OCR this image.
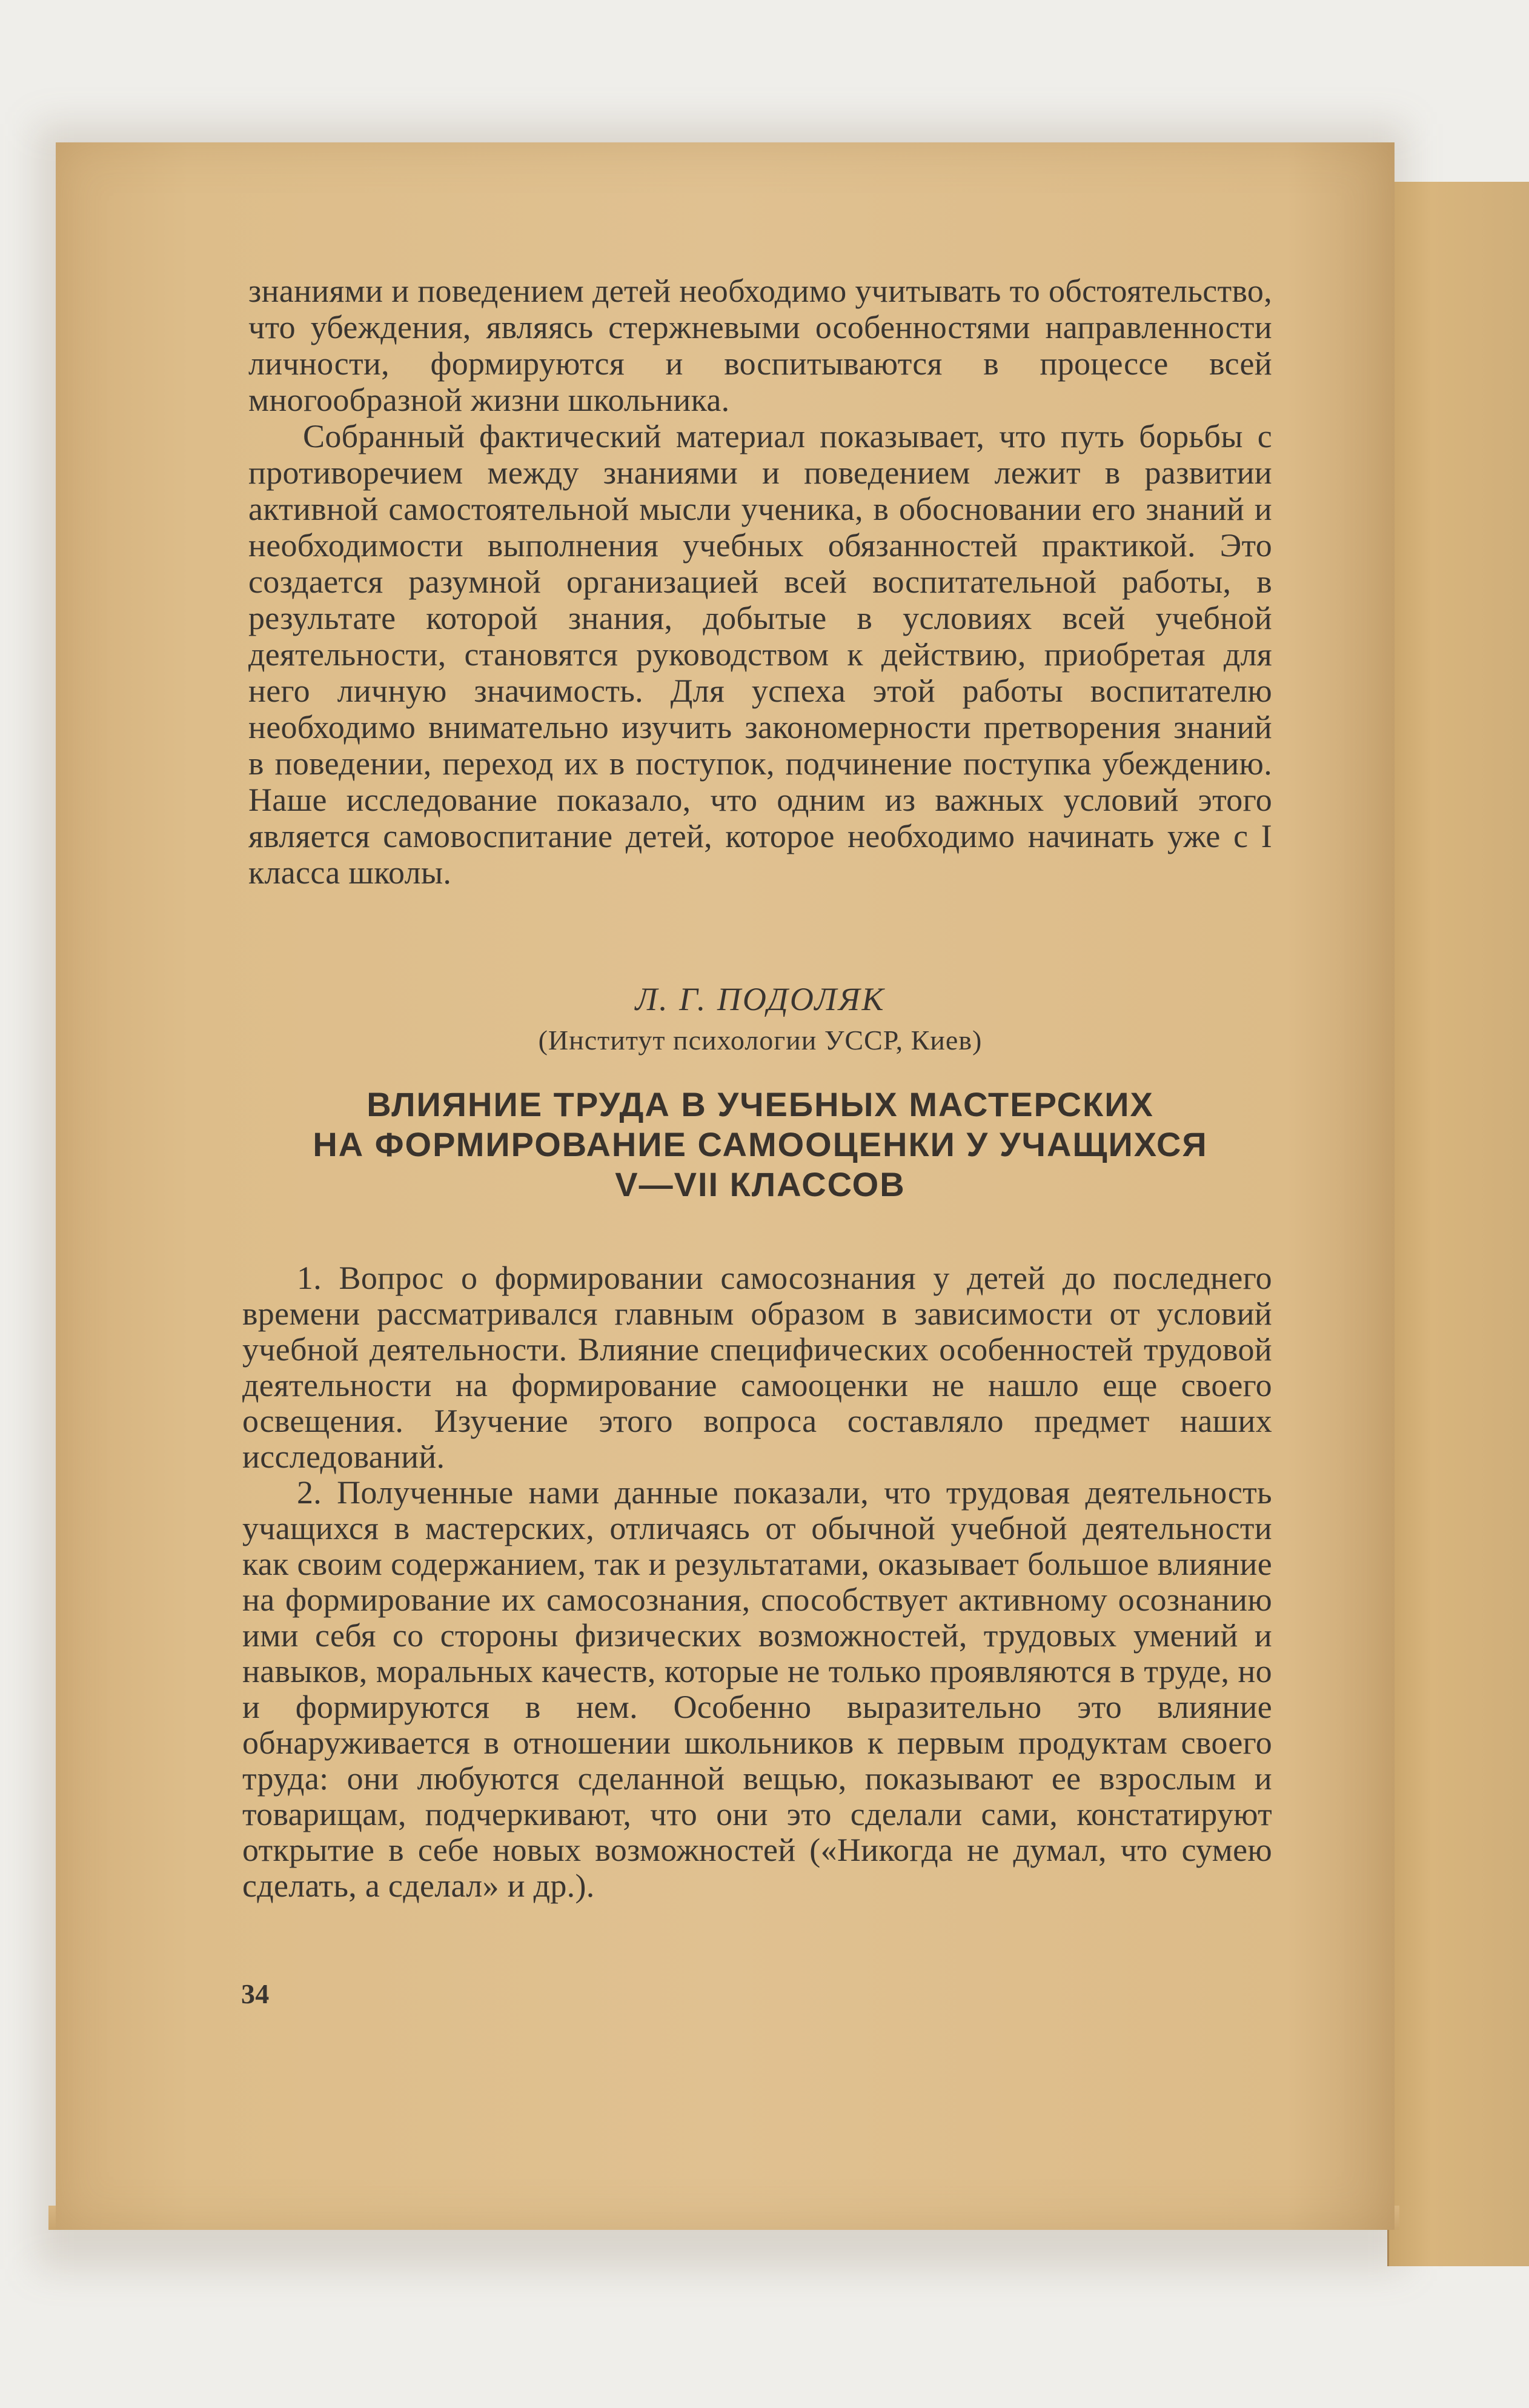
знаниями и поведением детей необходимо учитывать то обстоятельство, что убеждения, являясь стержневыми особенностями направленности личности, формируются и воспитываются в процессе всей многообразной жизни школьника.

Собранный фактический материал показывает, что путь борьбы с противоречием между знаниями и поведением лежит в развитии активной самостоятельной мысли ученика, в обосновании его знаний и необходимости выполнения учебных обязанностей практикой. Это создается разумной организацией всей воспитательной работы, в результате которой знания, добытые в условиях всей учебной деятельности, становятся руководством к действию, приобретая для него личную значимость. Для успеха этой работы воспитателю необходимо внимательно изучить закономерности претворения знаний в поведении, переход их в поступок, подчинение поступка убеждению. Наше исследование показало, что одним из важных условий этого является самовоспитание детей, которое необходимо начинать уже с I класса школы.

Л. Г. ПОДОЛЯК
(Институт психологии УССР, Киев)
ВЛИЯНИЕ ТРУДА В УЧЕБНЫХ МАСТЕРСКИХ
НА ФОРМИРОВАНИЕ САМООЦЕНКИ У УЧАЩИХСЯ
V—VII КЛАССОВ

1. Вопрос о формировании самосознания у детей до последнего времени рассматривался главным образом в зависимости от условий учебной деятельности. Влияние специфических особенностей трудовой деятельности на формирование самооценки не нашло еще своего освещения. Изучение этого вопроса составляло предмет наших исследований.

2. Полученные нами данные показали, что трудовая деятельность учащихся в мастерских, отличаясь от обычной учебной деятельности как своим содержанием, так и результатами, оказывает большое влияние на формирование их самосознания, способствует активному осознанию ими себя со стороны физических возможностей, трудовых умений и навыков, моральных качеств, которые не только проявляются в труде, но и формируются в нем. Особенно выразительно это влияние обнаруживается в отношении школьников к первым продуктам своего труда: они любуются сделанной вещью, показывают ее взрослым и товарищам, подчеркивают, что они это сделали сами, констатируют открытие в себе новых возможностей («Никогда не думал, что сумею сделать, а сделал» и др.).

34
